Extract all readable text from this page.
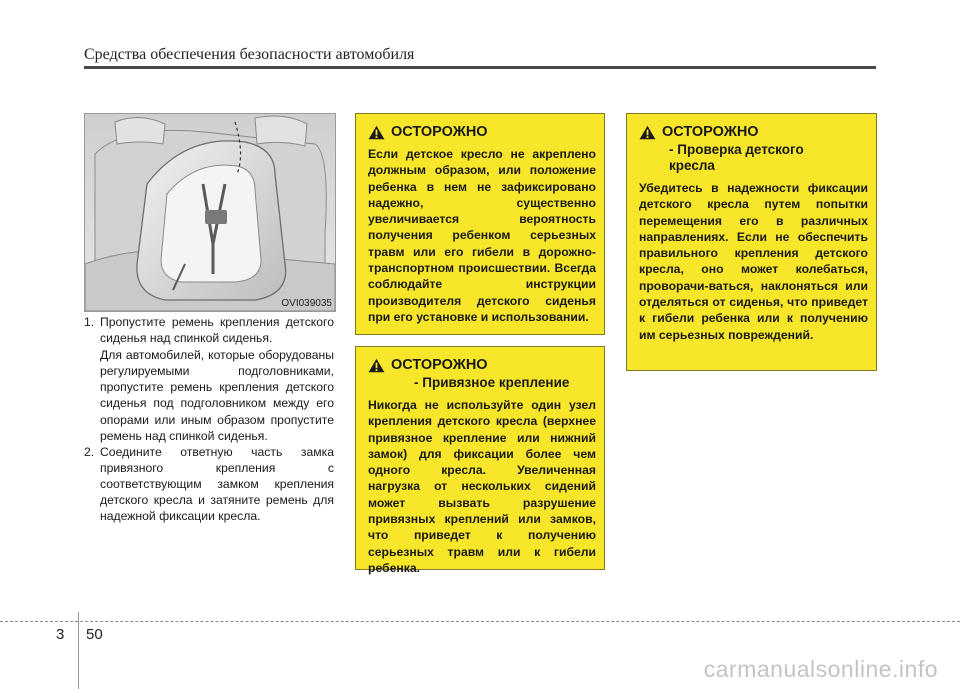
Средства обеспечения безопасности автомобиля
OVI039035
1. Пропустите ремень крепления детского сиденья над спинкой сиденья.
Для автомобилей, которые оборудованы регулируемыми подголовниками, пропустите ремень крепления детского сиденья под подголовником между его опорами или иным образом пропустите ремень над спинкой сиденья.
2. Соедините ответную часть замка привязного крепления с соответствующим замком крепления детского кресла и затяните ремень для надежной фиксации кресла.
ОСТОРОЖНО
Если детское кресло не акреплено должным образом, или положение ребенка в нем не зафиксировано надежно, существенно увеличивается вероятность получения ребенком серьезных травм или его гибели в дорожно-транспортном происшествии. Всегда соблюдайте инструкции производителя детского сиденья при его установке и использовании.
ОСТОРОЖНО
- Привязное крепление
Никогда не используйте один узел крепления детского кресла (верхнее привязное крепление или нижний замок) для фиксации более чем одного кресла. Увеличенная нагрузка от нескольких сидений может вызвать разрушение привязных креплений или замков, что приведет к получению серьезных травм или к гибели ребенка.
ОСТОРОЖНО
- Проверка детского кресла
Убедитесь в надежности фиксации детского кресла путем попытки перемещения его в различных направлениях. Если не обеспечить правильного крепления детского кресла, оно может колебаться, проворачи-ваться, наклоняться или отделяться от сиденья, что приведет к гибели ребенка или к получению им серьезных повреждений.
3 50
carmanualsonline.info
